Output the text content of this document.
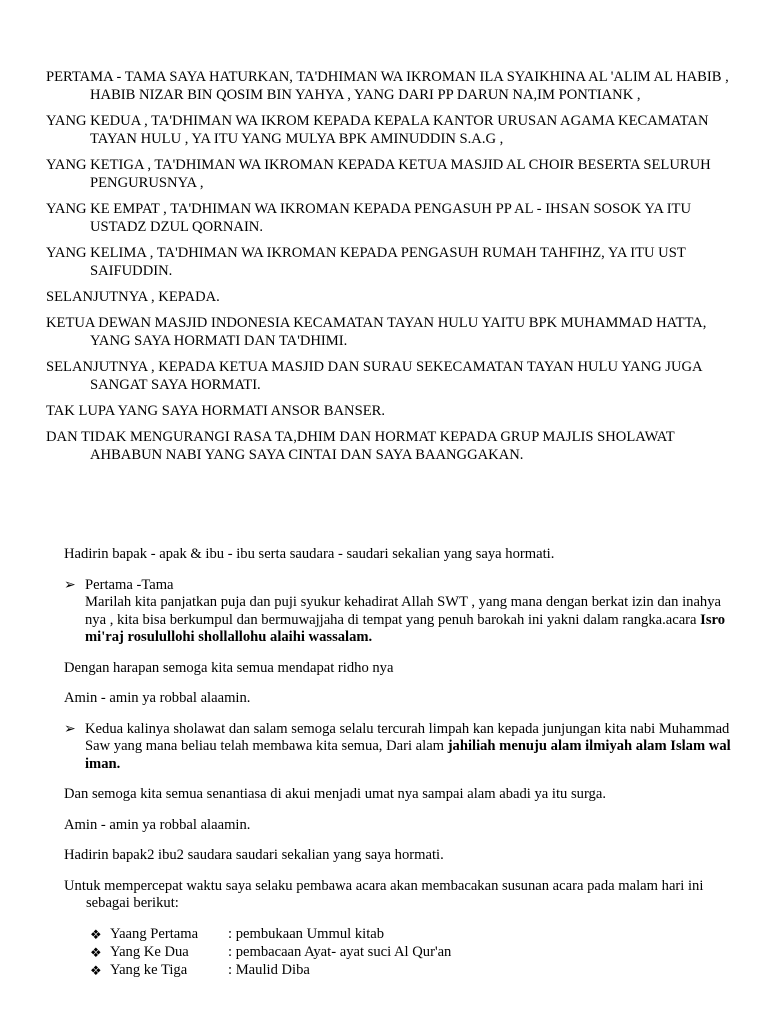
PERTAMA - TAMA SAYA HATURKAN, TA'DHIMAN WA IKROMAN ILA SYAIKHINA AL 'ALIM AL HABIB , HABIB NIZAR BIN QOSIM BIN YAHYA , YANG DARI PP DARUN NA,IM PONTIANK ,

YANG KEDUA , TA'DHIMAN WA IKROM KEPADA KEPALA KANTOR URUSAN AGAMA KECAMATAN TAYAN HULU , YA ITU YANG MULYA BPK AMINUDDIN S.A.G ,

YANG KETIGA , TA'DHIMAN WA IKROMAN KEPADA KETUA MASJID AL CHOIR BESERTA SELURUH PENGURUSNYA ,

YANG KE EMPAT , TA'DHIMAN WA IKROMAN KEPADA PENGASUH PP AL - IHSAN SOSOK YA ITU USTADZ DZUL QORNAIN.

YANG KELIMA , TA'DHIMAN WA IKROMAN KEPADA PENGASUH RUMAH TAHFIHZ, YA ITU UST SAIFUDDIN.

SELANJUTNYA , KEPADA.

KETUA DEWAN MASJID INDONESIA KECAMATAN TAYAN HULU YAITU BPK MUHAMMAD HATTA, YANG SAYA HORMATI DAN TA'DHIMI.

SELANJUTNYA , KEPADA KETUA MASJID DAN SURAU SEKECAMATAN TAYAN HULU YANG JUGA SANGAT SAYA HORMATI.

TAK LUPA YANG SAYA HORMATI ANSOR BANSER.

DAN TIDAK MENGURANGI RASA TA,DHIM DAN HORMAT KEPADA GRUP MAJLIS SHOLAWAT AHBABUN NABI YANG SAYA CINTAI DAN SAYA BAANGGAKAN.

Hadirin bapak - apak & ibu - ibu serta saudara - saudari sekalian yang saya hormati.

➢ Pertama -Tama
Marilah kita panjatkan puja dan puji syukur kehadirat Allah SWT , yang mana dengan berkat izin dan inahya nya , kita bisa berkumpul dan bermuwajjaha di tempat yang penuh barokah ini yakni dalam rangka.acara Isro mi'raj rosulullohi shollallohu alaihi wassalam.

Dengan harapan semoga kita semua mendapat ridho nya

Amin - amin ya robbal alaamin.

➢ Kedua kalinya sholawat dan salam semoga selalu tercurah limpah kan kepada junjungan kita nabi Muhammad Saw yang mana beliau telah membawa kita semua, Dari alam jahiliah menuju alam ilmiyah alam Islam wal iman.

Dan semoga kita semua senantiasa di akui menjadi umat nya sampai alam abadi ya itu surga.

Amin - amin ya robbal alaamin.

Hadirin bapak2 ibu2 saudara saudari sekalian yang saya hormati.

Untuk mempercepat waktu saya selaku pembawa acara akan membacakan susunan acara pada malam hari ini sebagai berikut:

❖ Yaang Pertama : pembukaan Ummul kitab
❖ Yang Ke Dua	: pembacaan Ayat- ayat suci Al Qur'an
❖ Yang ke Tiga	: Maulid Diba
